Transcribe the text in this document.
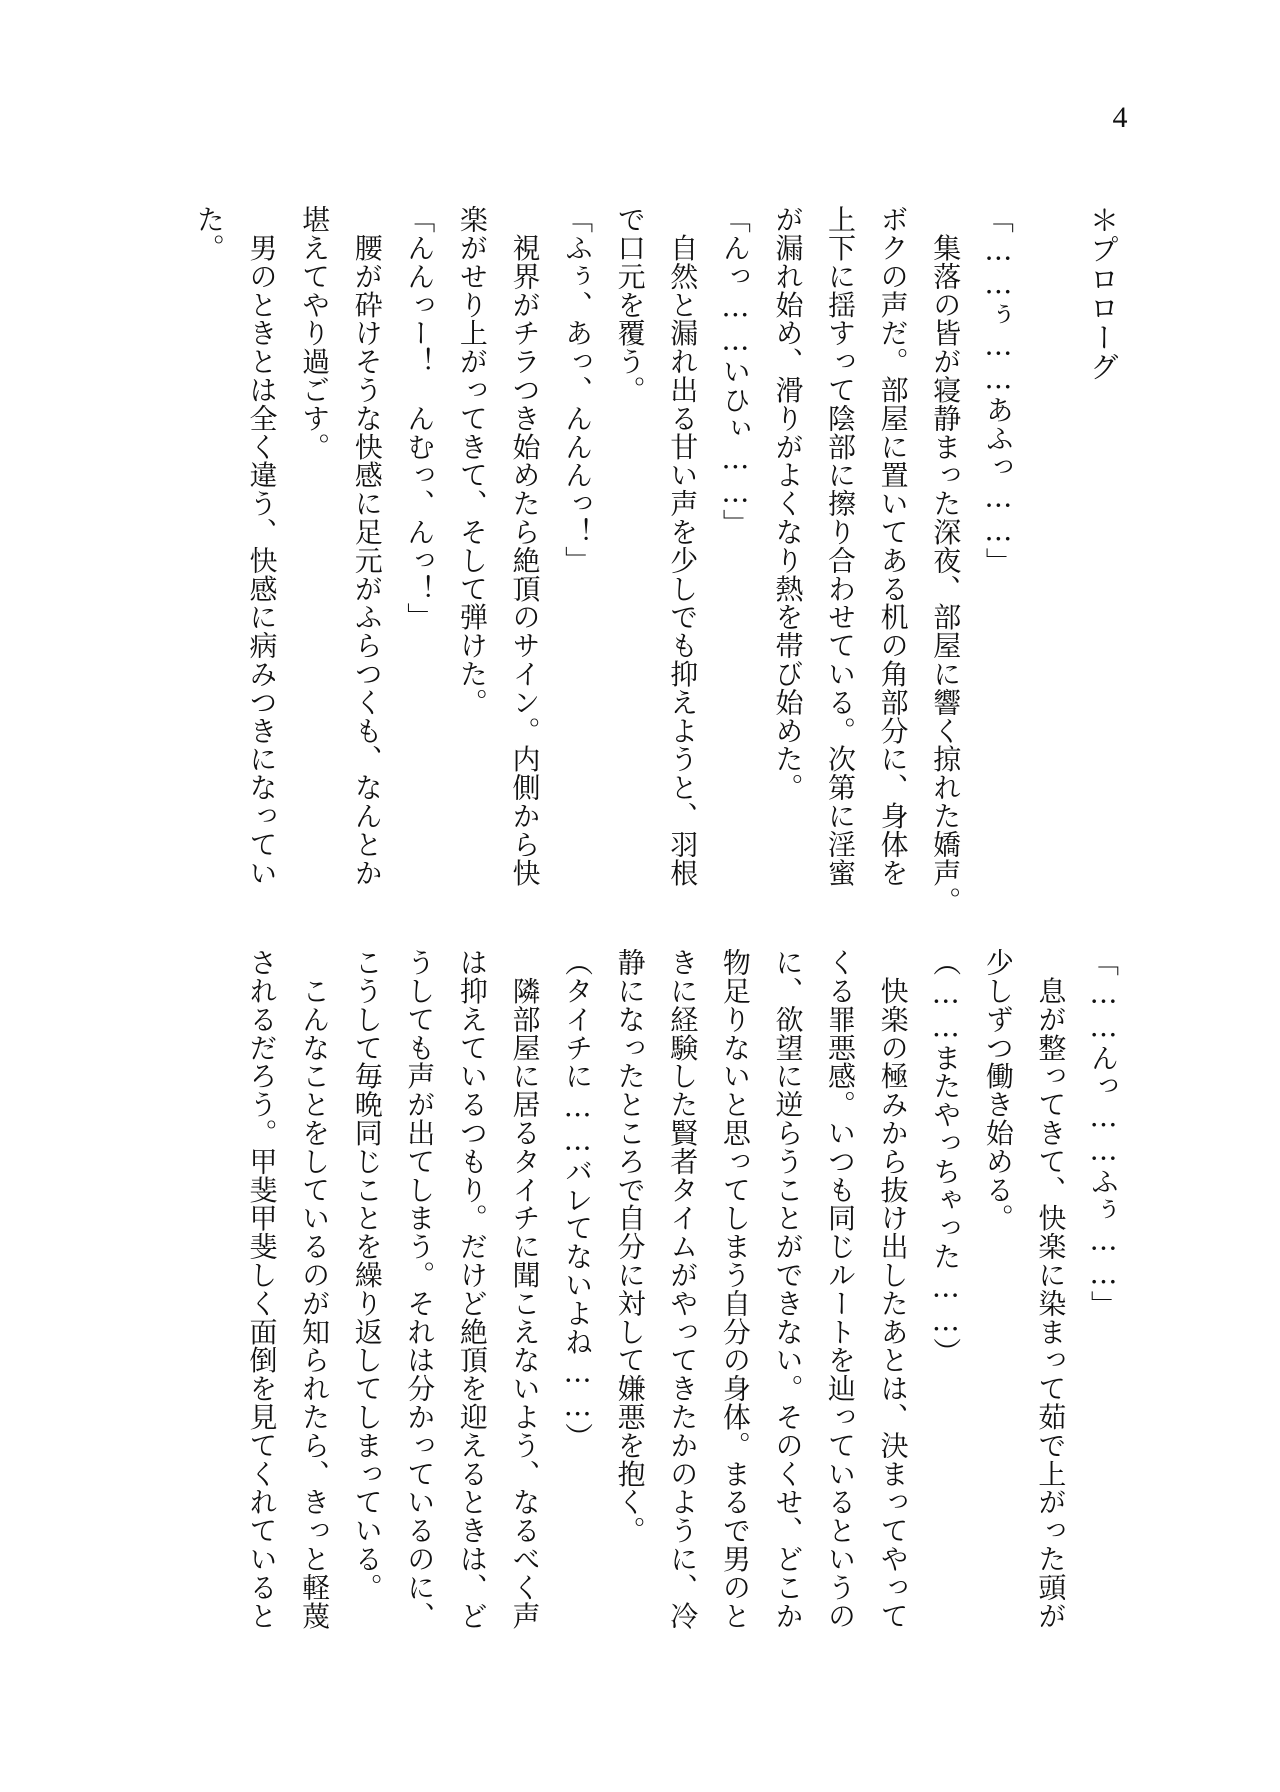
4
＊プロローグ
「……ぅ……あふっ……」
　集落の皆が寝静まった深夜、部屋に響く掠れた嬌声。
ボクの声だ。部屋に置いてある机の角部分に、身体を
上下に揺すって陰部に擦り合わせている。次第に淫蜜
が漏れ始め、滑りがよくなり熱を帯び始めた。
「んっ……いひぃ……」
　自然と漏れ出る甘い声を少しでも抑えようと、羽根
で口元を覆う。
「ふぅ、あっ、んんんっ！」
　視界がチラつき始めたら絶頂のサイン。内側から快
楽がせり上がってきて、そして弾けた。
「んんっー！　んむっ、んっ！」
　腰が砕けそうな快感に足元がふらつくも、なんとか
堪えてやり過ごす。
　男のときとは全く違う、快感に病みつきになってい
た。
「……んっ……ふぅ……」
　息が整ってきて、快楽に染まって茹で上がった頭が
少しずつ働き始める。
（……またやっちゃった……）
　快楽の極みから抜け出したあとは、決まってやって
くる罪悪感。いつも同じルートを辿っているというの
に、欲望に逆らうことができない。そのくせ、どこか
物足りないと思ってしまう自分の身体。まるで男のと
きに経験した賢者タイムがやってきたかのように、冷
静になったところで自分に対して嫌悪を抱く。
（タイチに……バレてないよね……）
　隣部屋に居るタイチに聞こえないよう、なるべく声
は抑えているつもり。だけど絶頂を迎えるときは、ど
うしても声が出てしまう。それは分かっているのに、
こうして毎晩同じことを繰り返してしまっている。
　こんなことをしているのが知られたら、きっと軽蔑
されるだろう。甲斐甲斐しく面倒を見てくれていると
